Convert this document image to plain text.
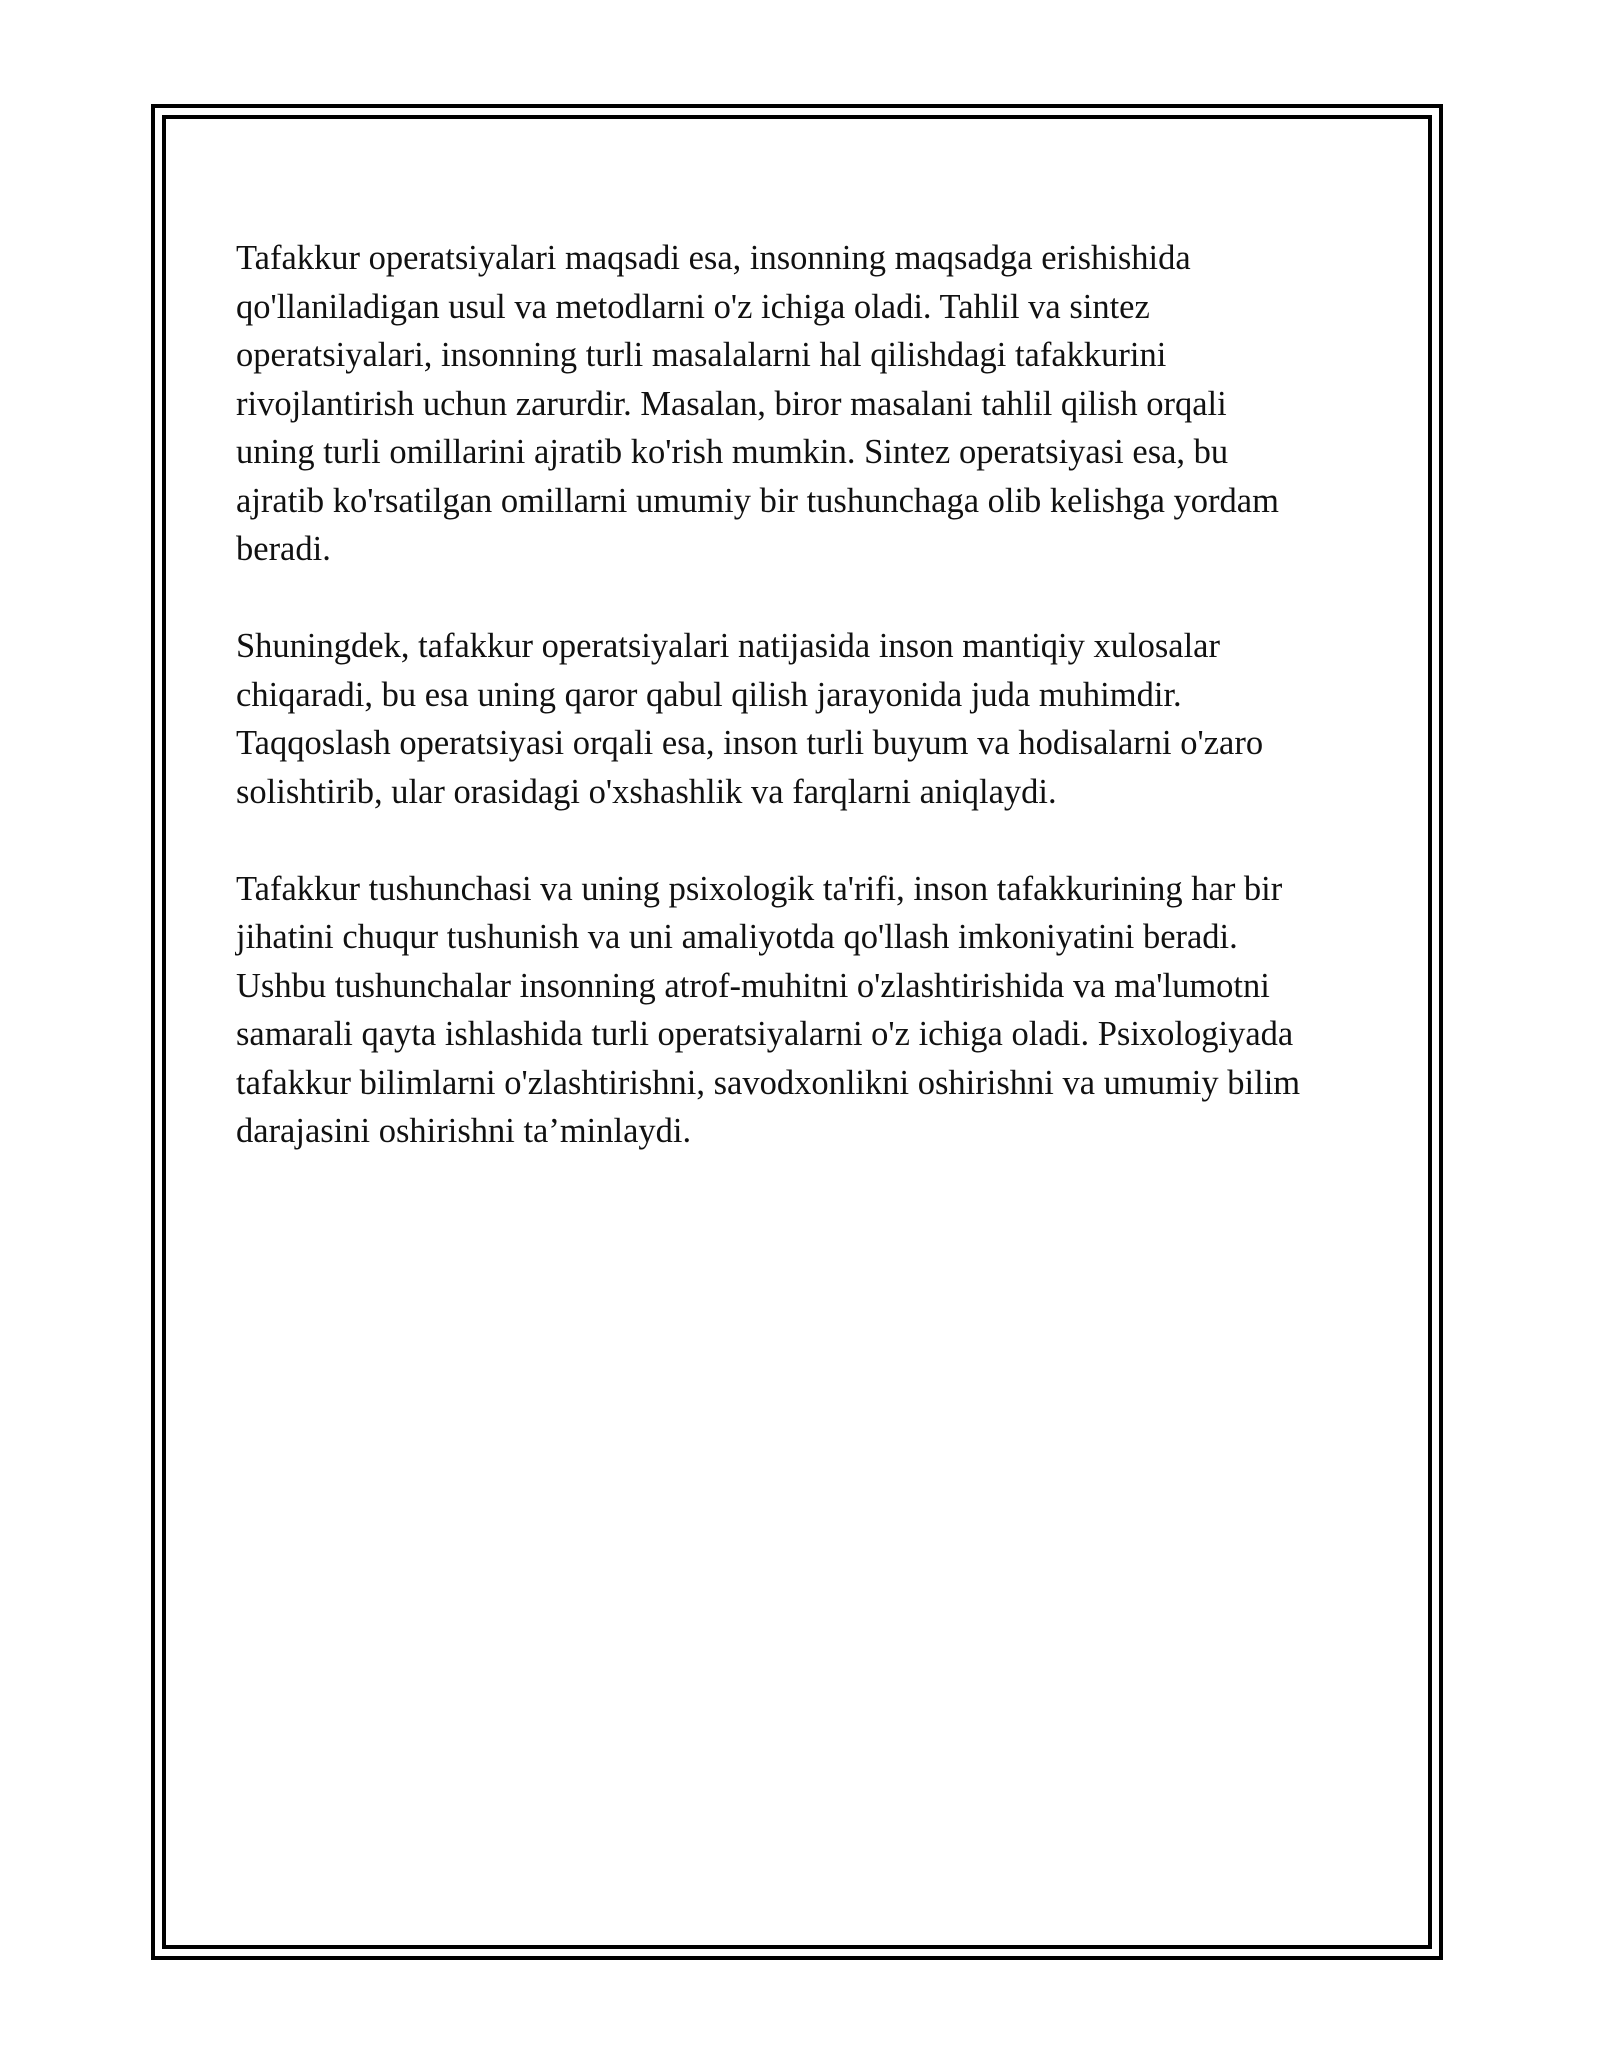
Tafakkur operatsiyalari maqsadi esa, insonning maqsadga erishishida
qo'llaniladigan usul va metodlarni o'z ichiga oladi. Tahlil va sintez
operatsiyalari, insonning turli masalalarni hal qilishdagi tafakkurini
rivojlantirish uchun zarurdir. Masalan, biror masalani tahlil qilish orqali
uning turli omillarini ajratib ko'rish mumkin. Sintez operatsiyasi esa, bu
ajratib ko'rsatilgan omillarni umumiy bir tushunchaga olib kelishga yordam
beradi.

Shuningdek, tafakkur operatsiyalari natijasida inson mantiqiy xulosalar
chiqaradi, bu esa uning qaror qabul qilish jarayonida juda muhimdir.
Taqqoslash operatsiyasi orqali esa, inson turli buyum va hodisalarni o'zaro
solishtirib, ular orasidagi o'xshashlik va farqlarni aniqlaydi.

Tafakkur tushunchasi va uning psixologik ta'rifi, inson tafakkurining har bir
jihatini chuqur tushunish va uni amaliyotda qo'llash imkoniyatini beradi.
Ushbu tushunchalar insonning atrof-muhitni o'zlashtirishida va ma'lumotni
samarali qayta ishlashida turli operatsiyalarni o'z ichiga oladi. Psixologiyada
tafakkur bilimlarni o'zlashtirishni, savodxonlikni oshirishni va umumiy bilim
darajasini oshirishni ta’minlaydi.
